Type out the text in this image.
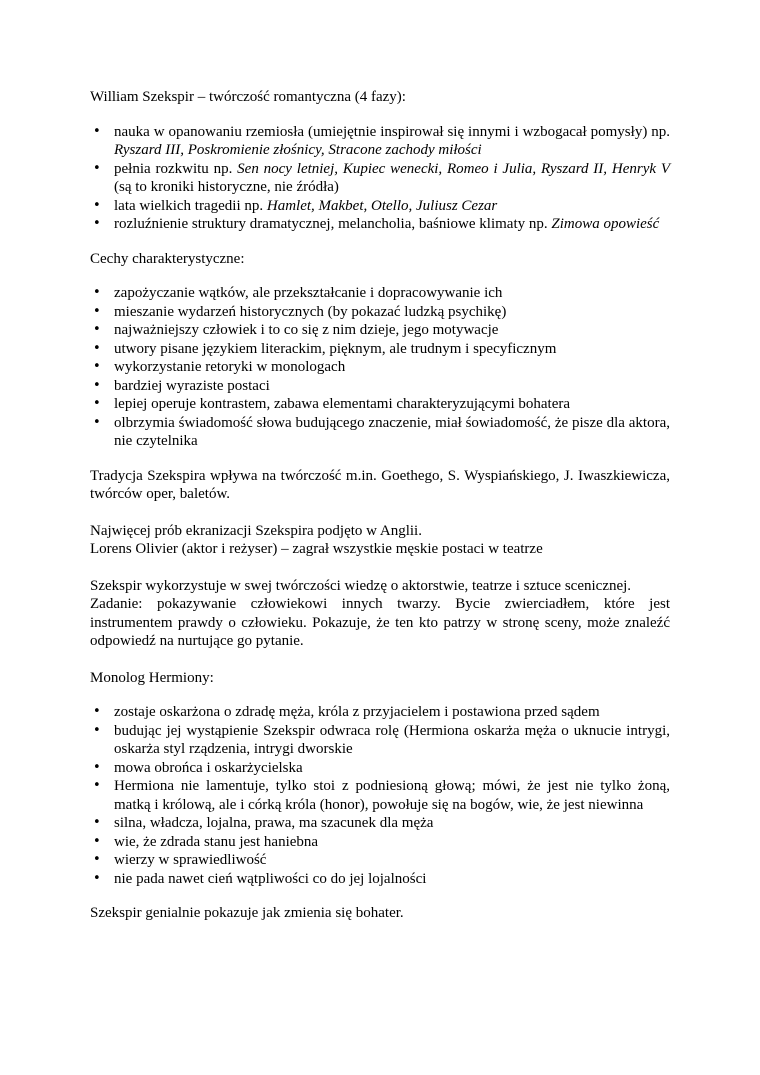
William Szekspir – twórczość romantyczna (4 fazy):

• nauka w opanowaniu rzemiosła (umiejętnie inspirował się innymi i wzbogacał pomysły) np. Ryszard III, Poskromienie złośnicy, Stracone zachody miłości
• pełnia rozkwitu np. Sen nocy letniej, Kupiec wenecki, Romeo i Julia, Ryszard II, Henryk V (są to kroniki historyczne, nie źródła)
• lata wielkich tragedii np. Hamlet, Makbet, Otello, Juliusz Cezar
• rozluźnienie struktury dramatycznej, melancholia, baśniowe klimaty np. Zimowa opowieść

Cechy charakterystyczne:

• zapożyczanie wątków, ale przekształcanie i dopracowywanie ich
• mieszanie wydarzeń historycznych (by pokazać ludzką psychikę)
• najważniejszy człowiek i to co się z nim dzieje, jego motywacje
• utwory pisane językiem literackim, pięknym, ale trudnym i specyficznym
• wykorzystanie retoryki w monologach
• bardziej wyraziste postaci
• lepiej operuje kontrastem, zabawa elementami charakteryzującymi bohatera
• olbrzymia świadomość słowa budującego znaczenie, miał śowiadomość, że pisze dla aktora, nie czytelnika

Tradycja Szekspira wpływa na twórczość m.in. Goethego, S. Wyspiańskiego, J. Iwaszkiewicza, twórców oper, baletów.

Najwięcej prób ekranizacji Szekspira podjęto w Anglii.

Lorens Olivier (aktor i reżyser) – zagrał wszystkie męskie postaci w teatrze

Szekspir wykorzystuje w swej twórczości wiedzę o aktorstwie, teatrze i sztuce scenicznej.

Zadanie: pokazywanie człowiekowi innych twarzy. Bycie zwierciadłem, które jest instrumentem prawdy o człowieku. Pokazuje, że ten kto patrzy w stronę sceny, może znaleźć odpowiedź na nurtujące go pytanie.

Monolog Hermiony:

• zostaje oskarżona o zdradę męża, króla z przyjacielem i postawiona przed sądem
• budując jej wystąpienie Szekspir odwraca rolę (Hermiona oskarża męża o uknucie intrygi, oskarża styl rządzenia, intrygi dworskie
• mowa obrońca i oskarżycielska
• Hermiona nie lamentuje, tylko stoi z podniesioną głową; mówi, że jest nie tylko żoną, matką i królową, ale i córką króla (honor), powołuje się na bogów, wie, że jest niewinna
• silna, władcza, lojalna, prawa, ma szacunek dla męża
• wie, że zdrada stanu jest haniebna
• wierzy w sprawiedliwość
• nie pada nawet cień wątpliwości co do jej lojalności

Szekspir genialnie pokazuje jak zmienia się bohater.
